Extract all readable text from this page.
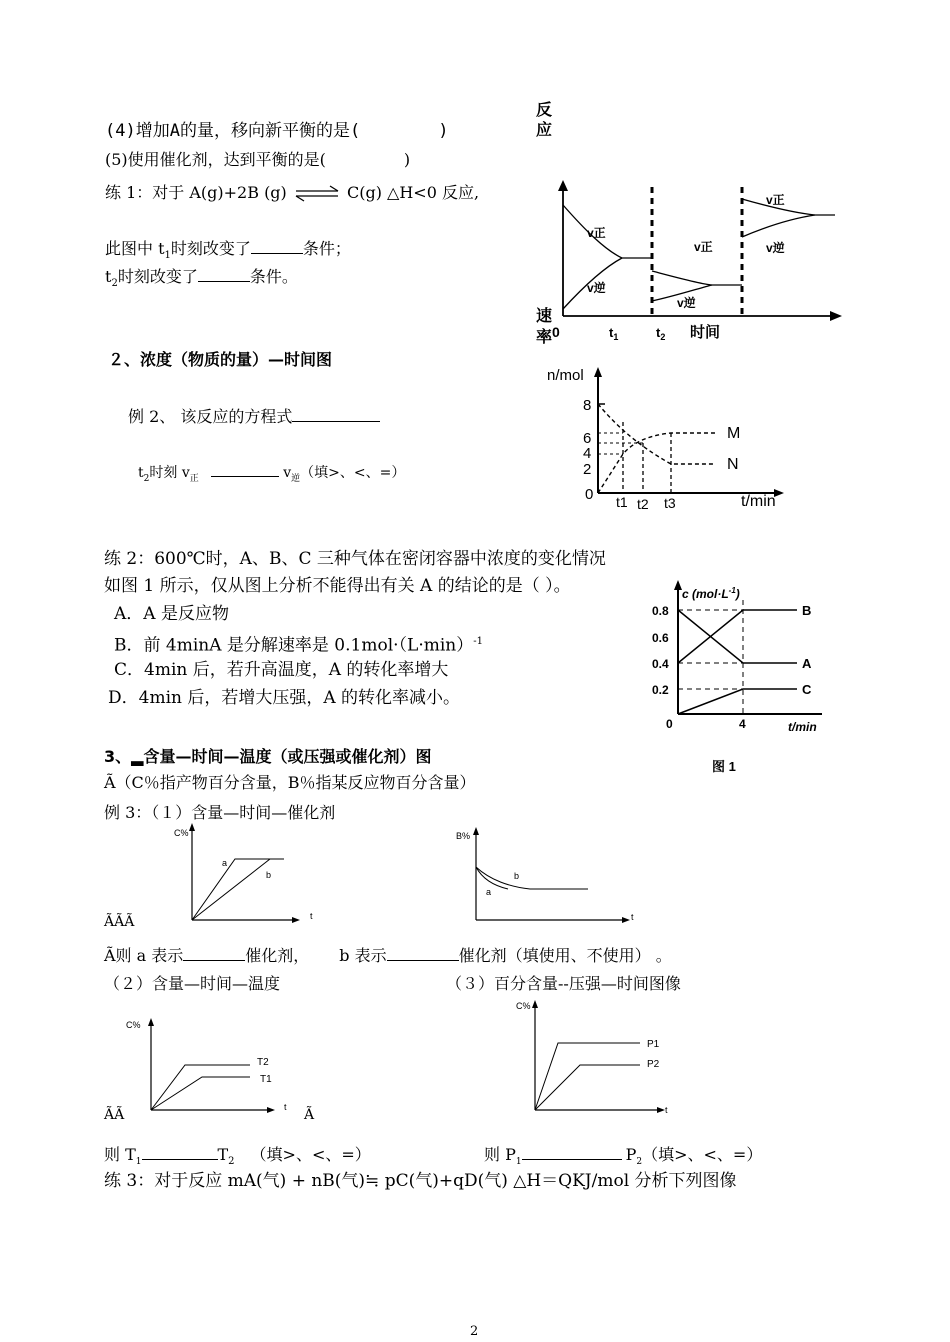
(4)增加A的量，移向新平衡的是(	)
(5)使用催化剂，达到平衡的是(	)
练 1：对于 A(g)+2B (g) ⇌ C(g) △H<0 反应,
此图中 $t_1$时刻改变了	条件；
$t_2$时刻改变了	条件。
反
应
v正
v逆
v正
v逆
v正
v逆
速
率 0	$t_1$	$t_2$ 时间
２、浓度（物质的量）—时间图
例 2、 该反应的方程式
$t_2$时刻 $v_正$	$v_逆$（填>、<、=）
n/mol
8
6
4
2
0
M
N
t1 t2 t3	t/min
练 2：600℃时，A、B、C 三种气体在密闭容器中浓度的变化情况
如图 1 所示，仅从图上分析不能得出有关 A 的结论的是（ ）。
A．A 是反应物
B．前 4minA 是分解速率是 $0.1mol\cdot(L\cdot\min)^{-1}$
C．4min 后，若升高温度，A 的转化率增大
D．4min 后，若增大压强，A 的转化率减小。
c $(mol\cdot L^{-1})$
0.8
0.6
0.4
0.2
0	4	t/min
B
A
C
图 1
3、▂含量—时间—温度（或压强或催化剂）图
Ã（C％指产物百分含量，B％指某反应物百分含量）
例 3：（１）含量—时间—催化剂
C%
a
b
t
ÃÃÃ
B%
a
b
t
Ã则 a 表示	催化剂， b 表示	催化剂（填使用、不使用） 。
（２）含量—时间—温度	（３）百分含量--压强—时间图像
C%
T2
T1
t
ÃÃ	Ã
C%
P1
P2
t
则 $T_1$	$T_2$ （填>、<、=）	则 $P_1$	$P_2$（填>、<、=）
练 3：对于反应 mA(气) + nB(气)≒ pC(气)+qD(气) △H＝QKJ/mol 分析下列图像
2
